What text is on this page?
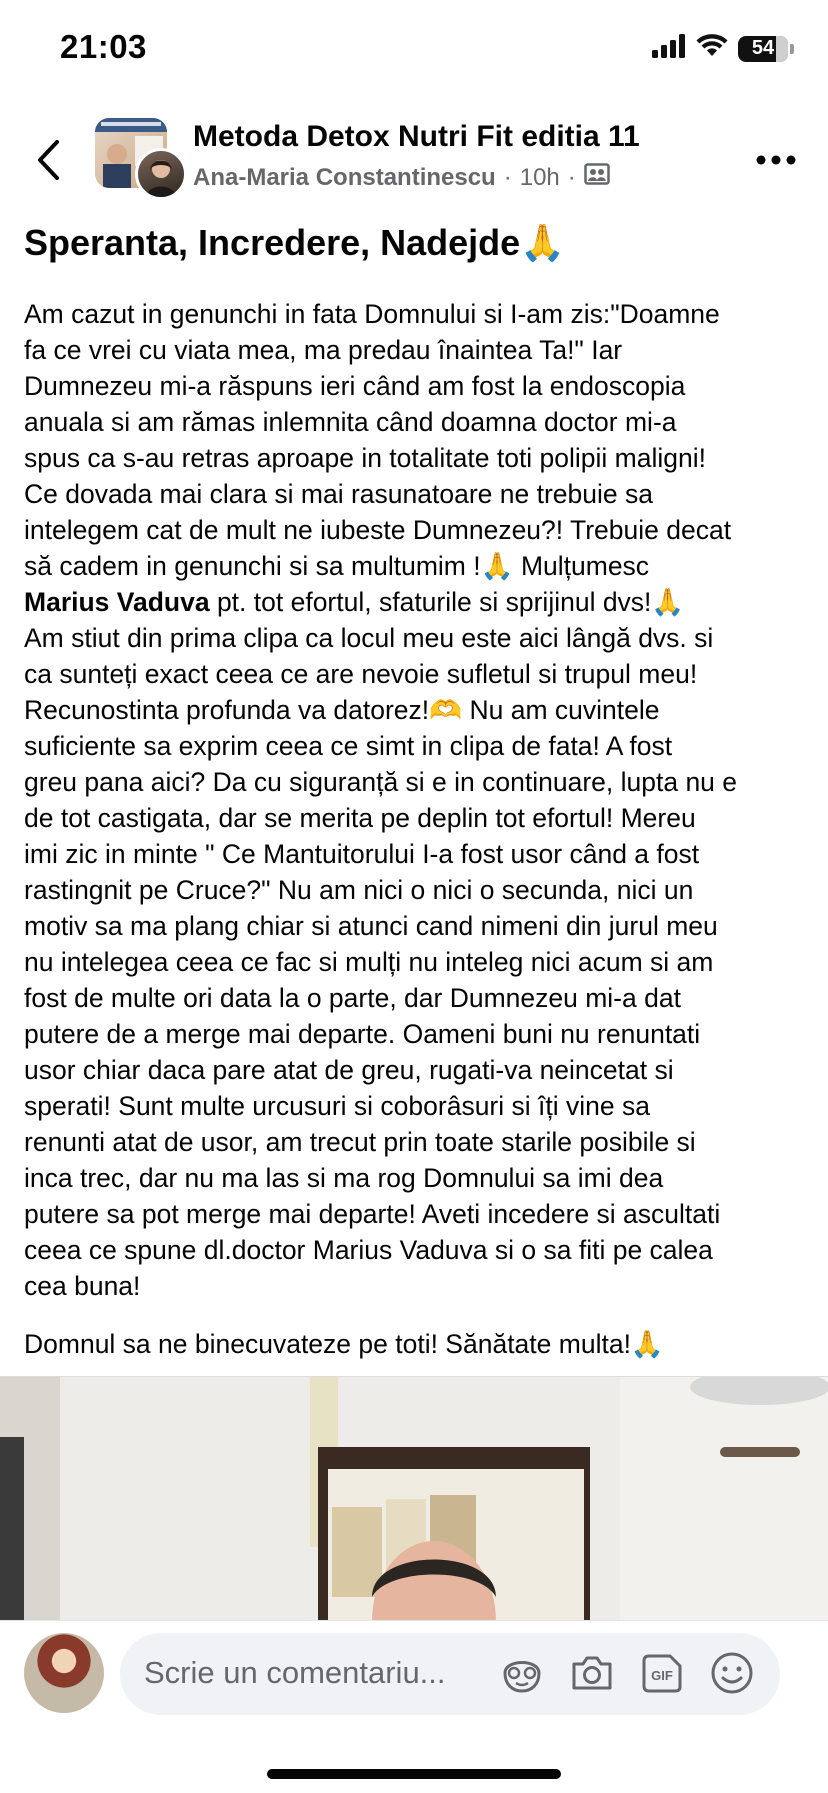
21:03	54
Metoda Detox Nutri Fit editia 11
Ana-Maria Constantinescu · 10h ·
Speranta, Incredere, Nadejde🙏
Am cazut in genunchi in fata Domnului si I-am zis:"Doamne
fa ce vrei cu viata mea, ma predau înaintea Ta!" Iar
Dumnezeu mi-a răspuns ieri când am fost la endoscopia
anuala si am rămas inlemnita când doamna doctor mi-a
spus ca s-au retras aproape in totalitate toti polipii maligni!
Ce dovada mai clara si mai rasunatoare ne trebuie sa
intelegem cat de mult ne iubeste Dumnezeu?! Trebuie decat
să cadem in genunchi si sa multumim !🙏 Mulțumesc
Marius Vaduva pt. tot efortul, sfaturile si sprijinul dvs!🙏
Am stiut din prima clipa ca locul meu este aici lângă dvs. si
ca sunteți exact ceea ce are nevoie sufletul si trupul meu!
Recunostinta profunda va datorez!🫶 Nu am cuvintele
suficiente sa exprim ceea ce simt in clipa de fata! A fost
greu pana aici? Da cu siguranță si e in continuare, lupta nu e
de tot castigata, dar se merita pe deplin tot efortul! Mereu
imi zic in minte " Ce Mantuitorului I-a fost usor când a fost
rastingnit pe Cruce?" Nu am nici o nici o secunda, nici un
motiv sa ma plang chiar si atunci cand nimeni din jurul meu
nu intelegea ceea ce fac si mulți nu inteleg nici acum si am
fost de multe ori data la o parte, dar Dumnezeu mi-a dat
putere de a merge mai departe. Oameni buni nu renuntati
usor chiar daca pare atat de greu, rugati-va neincetat si
sperati! Sunt multe urcusuri si coborâsuri si îți vine sa
renunti atat de usor, am trecut prin toate starile posibile si
inca trec, dar nu ma las si ma rog Domnului sa imi dea
putere sa pot merge mai departe! Aveti incedere si ascultati
ceea ce spune dl.doctor Marius Vaduva si o sa fiti pe calea
cea buna!
Domnul sa ne binecuvateze pe toti! Sănătate multa!🙏
Scrie un comentariu...	GIF
